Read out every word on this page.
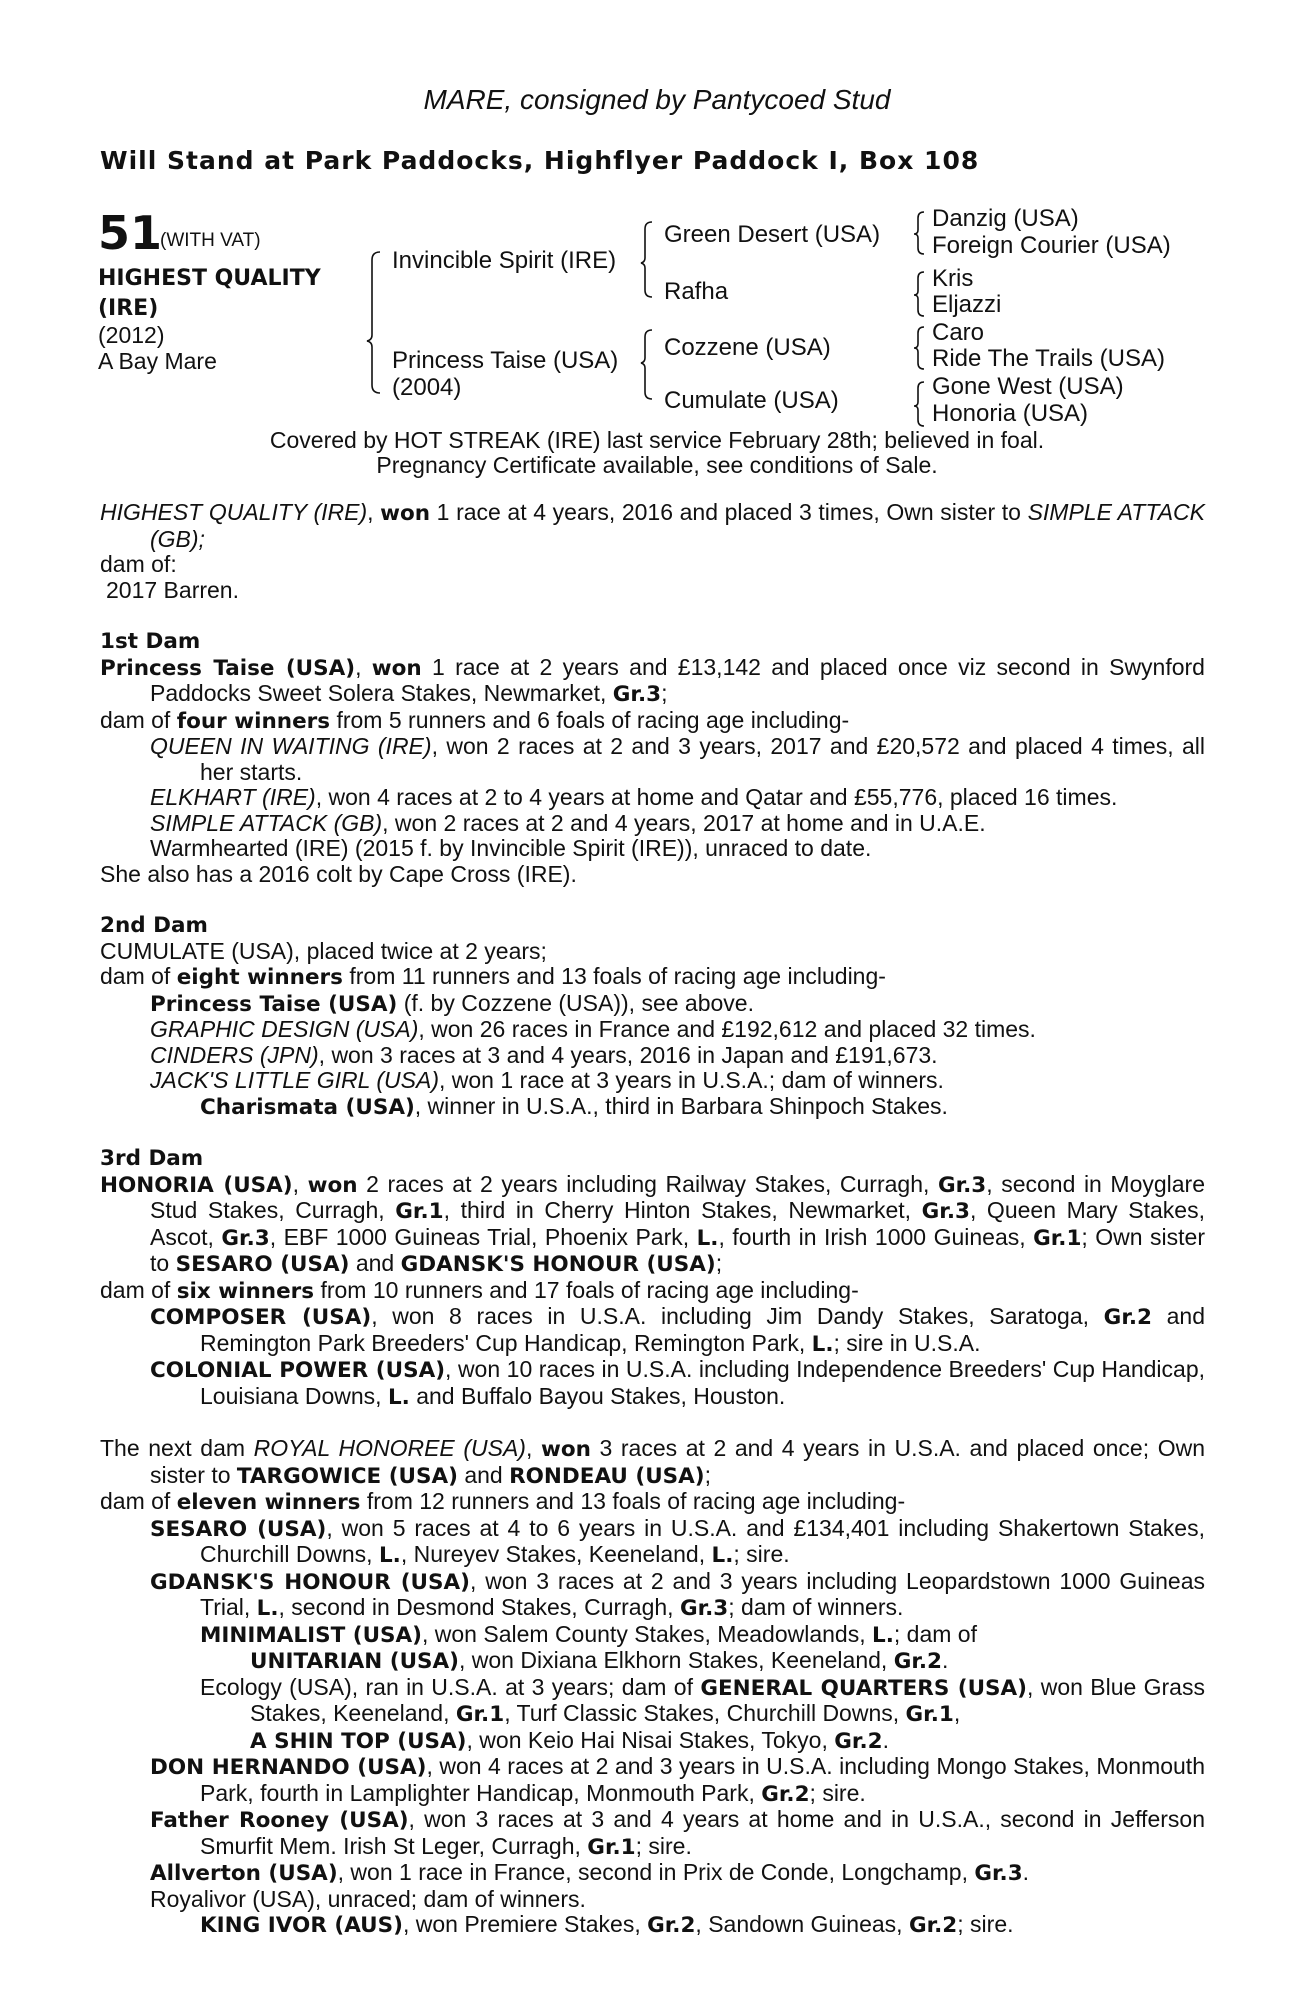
MARE, consigned by Pantycoed Stud
Will Stand at Park Paddocks, Highflyer Paddock I, Box 108
51
(WITH VAT)
HIGHEST QUALITY
(IRE)
(2012)
A Bay Mare
Invincible Spirit (IRE)
Princess Taise (USA)
(2004)
Green Desert (USA)
Rafha
Cozzene (USA)
Cumulate (USA)
Danzig (USA)
Foreign Courier (USA)
Kris
Eljazzi
Caro
Ride The Trails (USA)
Gone West (USA)
Honoria (USA)
Covered by HOT STREAK (IRE) last service February 28th; believed in foal.
Pregnancy Certificate available, see conditions of Sale.

HIGHEST QUALITY (IRE), won 1 race at 4 years, 2016 and placed 3 times, Own sister to SIMPLE ATTACK (GB);

dam of:

2017 Barren.

1st Dam

Princess Taise (USA), won 1 race at 2 years and £13,142 and placed once viz second in Swynford Paddocks Sweet Solera Stakes, Newmarket, Gr.3;

dam of four winners from 5 runners and 6 foals of racing age including-

QUEEN IN WAITING (IRE), won 2 races at 2 and 3 years, 2017 and £20,572 and placed 4 times, all her starts.

ELKHART (IRE), won 4 races at 2 to 4 years at home and Qatar and £55,776, placed 16 times.

SIMPLE ATTACK (GB), won 2 races at 2 and 4 years, 2017 at home and in U.A.E.

Warmhearted (IRE) (2015 f. by Invincible Spirit (IRE)), unraced to date.

She also has a 2016 colt by Cape Cross (IRE).

2nd Dam

CUMULATE (USA), placed twice at 2 years;

dam of eight winners from 11 runners and 13 foals of racing age including-

Princess Taise (USA) (f. by Cozzene (USA)), see above.

GRAPHIC DESIGN (USA), won 26 races in France and £192,612 and placed 32 times.

CINDERS (JPN), won 3 races at 3 and 4 years, 2016 in Japan and £191,673.

JACK'S LITTLE GIRL (USA), won 1 race at 3 years in U.S.A.; dam of winners.

Charismata (USA), winner in U.S.A., third in Barbara Shinpoch Stakes.

3rd Dam

HONORIA (USA), won 2 races at 2 years including Railway Stakes, Curragh, Gr.3, second in Moyglare Stud Stakes, Curragh, Gr.1, third in Cherry Hinton Stakes, Newmarket, Gr.3, Queen Mary Stakes, Ascot, Gr.3, EBF 1000 Guineas Trial, Phoenix Park, L., fourth in Irish 1000 Guineas, Gr.1; Own sister to SESARO (USA) and GDANSK'S HONOUR (USA);

dam of six winners from 10 runners and 17 foals of racing age including-

COMPOSER (USA), won 8 races in U.S.A. including Jim Dandy Stakes, Saratoga, Gr.2 and Remington Park Breeders' Cup Handicap, Remington Park, L.; sire in U.S.A.

COLONIAL POWER (USA), won 10 races in U.S.A. including Independence Breeders' Cup Handicap, Louisiana Downs, L. and Buffalo Bayou Stakes, Houston.

The next dam ROYAL HONOREE (USA), won 3 races at 2 and 4 years in U.S.A. and placed once; Own sister to TARGOWICE (USA) and RONDEAU (USA);

dam of eleven winners from 12 runners and 13 foals of racing age including-

SESARO (USA), won 5 races at 4 to 6 years in U.S.A. and £134,401 including Shakertown Stakes, Churchill Downs, L., Nureyev Stakes, Keeneland, L.; sire.

GDANSK'S HONOUR (USA), won 3 races at 2 and 3 years including Leopardstown 1000 Guineas Trial, L., second in Desmond Stakes, Curragh, Gr.3; dam of winners.

MINIMALIST (USA), won Salem County Stakes, Meadowlands, L.; dam of

UNITARIAN (USA), won Dixiana Elkhorn Stakes, Keeneland, Gr.2.

Ecology (USA), ran in U.S.A. at 3 years; dam of GENERAL QUARTERS (USA), won Blue Grass Stakes, Keeneland, Gr.1, Turf Classic Stakes, Churchill Downs, Gr.1,

A SHIN TOP (USA), won Keio Hai Nisai Stakes, Tokyo, Gr.2.

DON HERNANDO (USA), won 4 races at 2 and 3 years in U.S.A. including Mongo Stakes, Monmouth Park, fourth in Lamplighter Handicap, Monmouth Park, Gr.2; sire.

Father Rooney (USA), won 3 races at 3 and 4 years at home and in U.S.A., second in Jefferson Smurfit Mem. Irish St Leger, Curragh, Gr.1; sire.

Allverton (USA), won 1 race in France, second in Prix de Conde, Longchamp, Gr.3.

Royalivor (USA), unraced; dam of winners.

KING IVOR (AUS), won Premiere Stakes, Gr.2, Sandown Guineas, Gr.2; sire.
